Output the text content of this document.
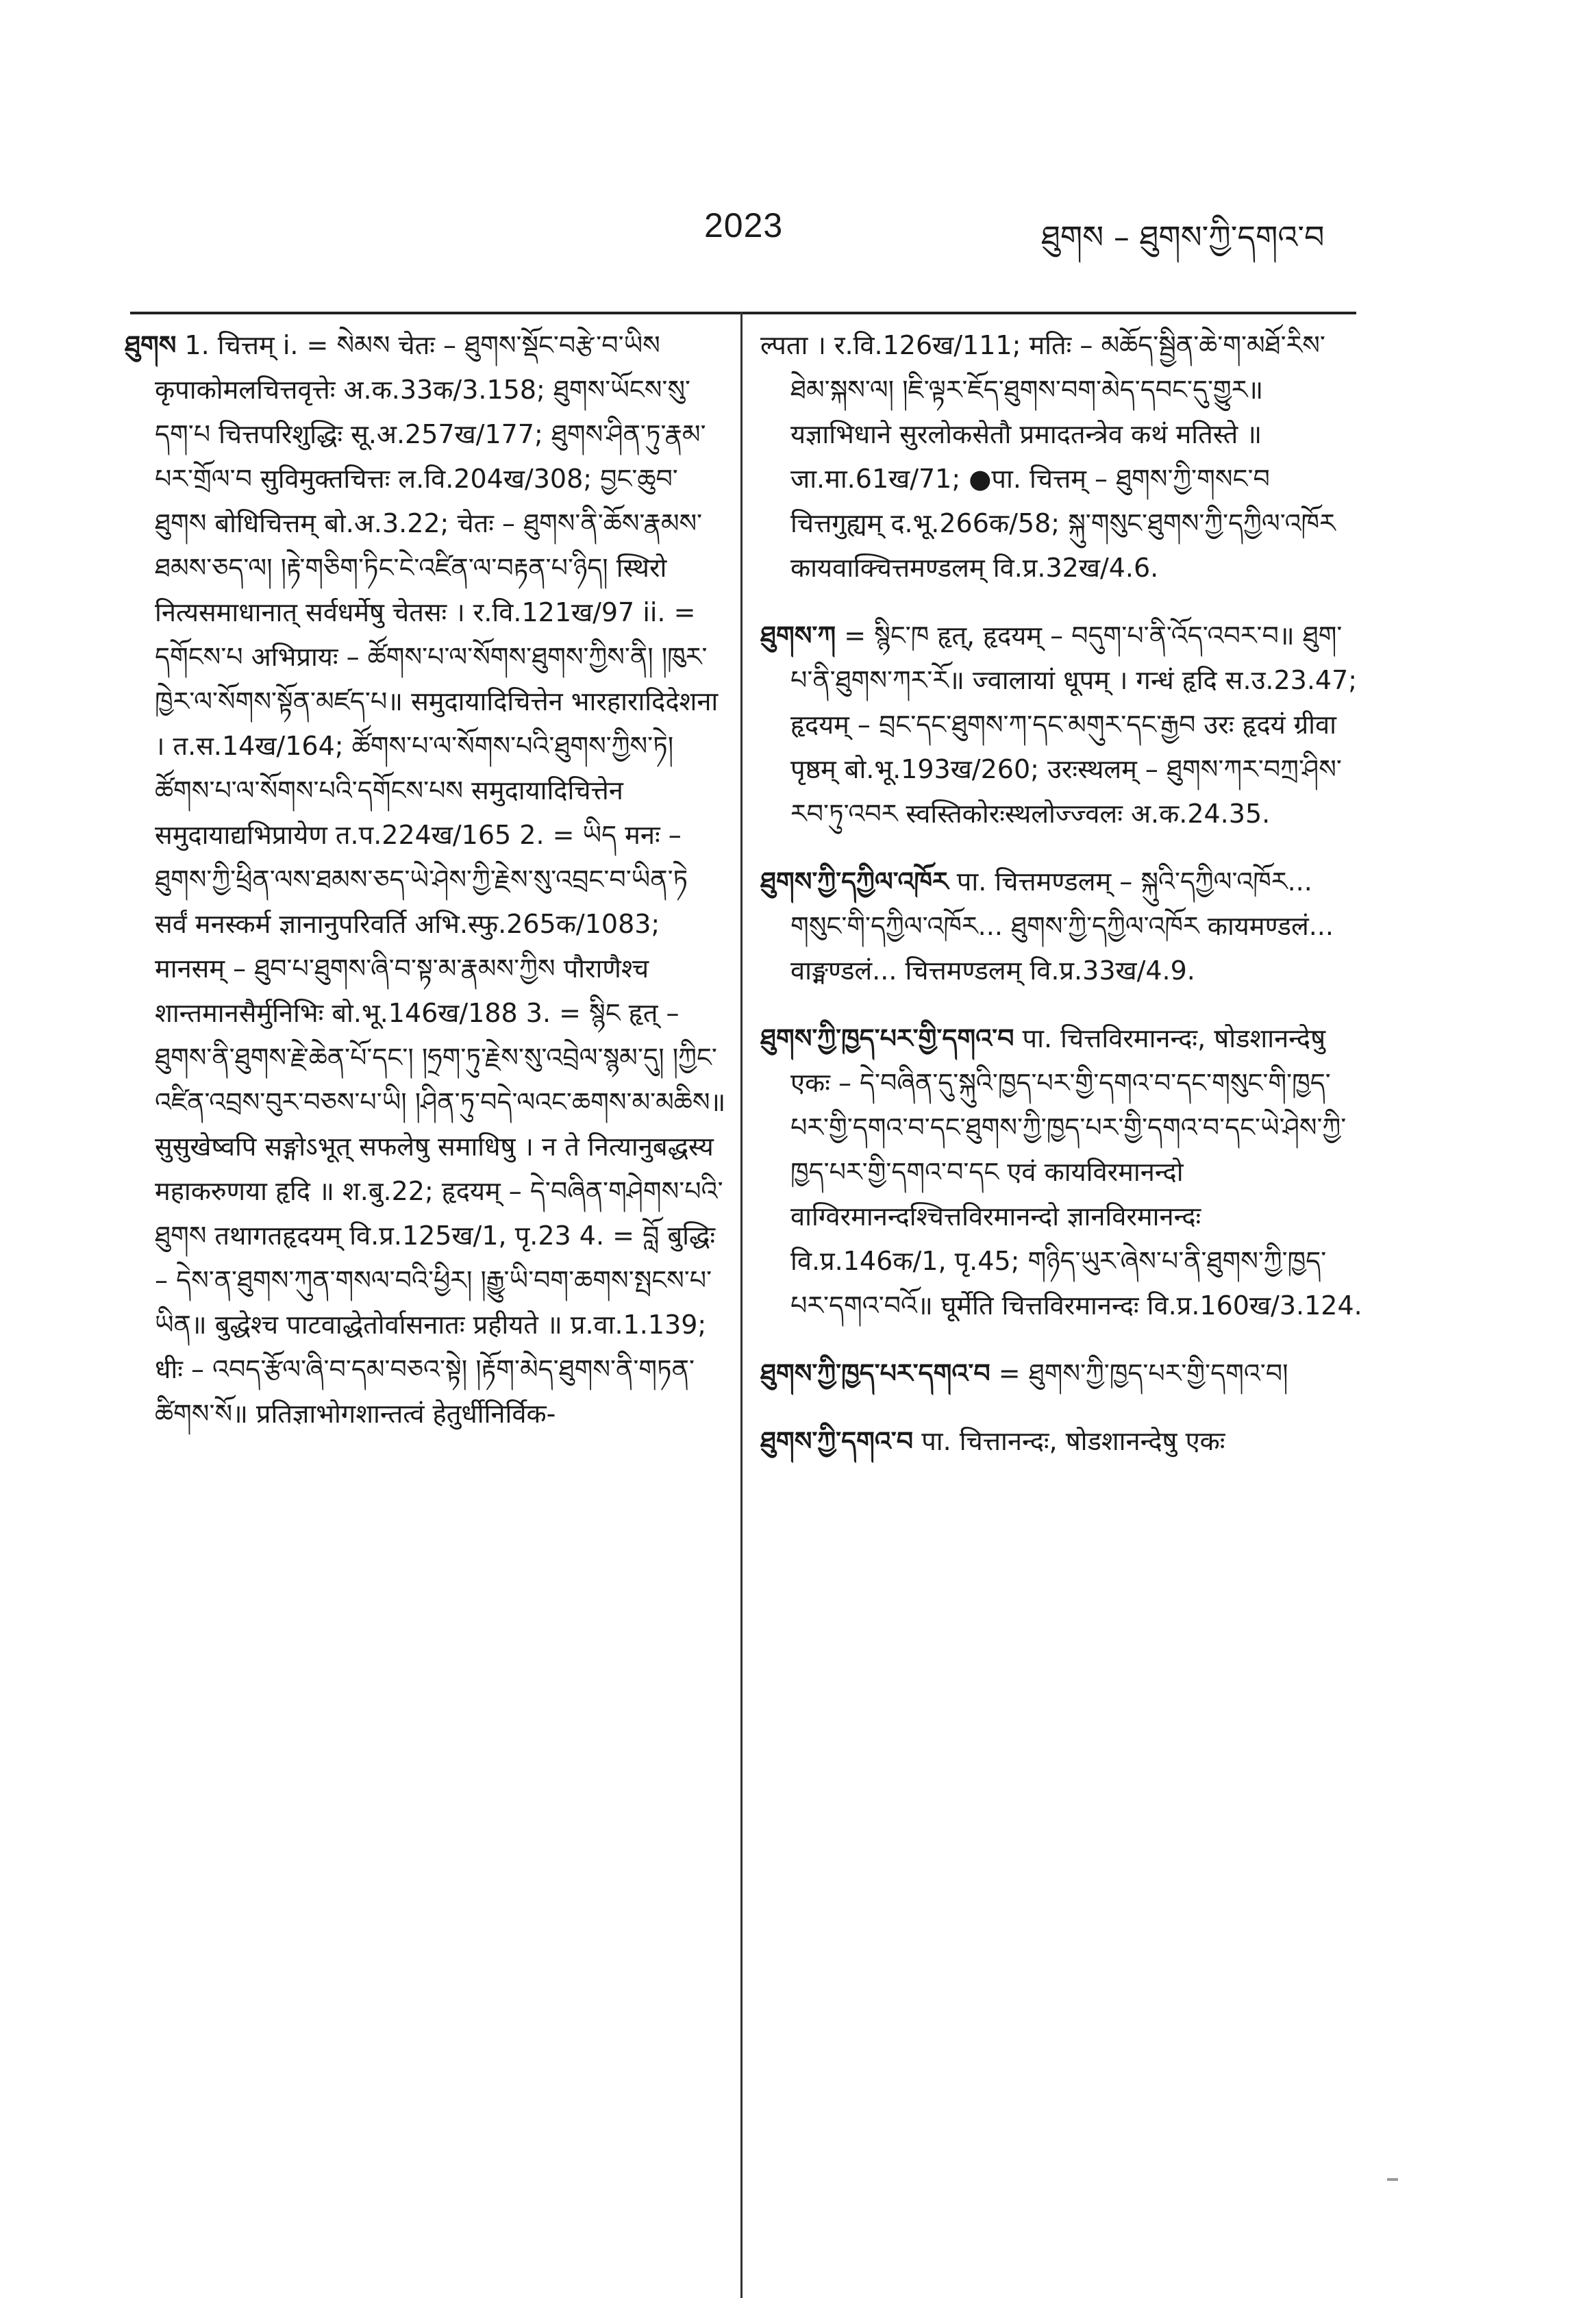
2023	ཐུགས – ཐུགས་ཀྱི་དགའ་བ

ཐུགས 1. चित्तम् i. = སེམས चेतः – ཐུགས་སྡོང་བརྩེ་བ་ཡིས कृपाकोमलचित्तवृत्तेः अ.क.33क/3.158; ཐུགས་ཡོངས་སུ་དག་པ चित्तपरिशुद्धिः सू.अ.257ख/177; ཐུགས་ཤིན་ཏུ་རྣམ་པར་གྲོལ་བ सुविमुक्तचित्तः ल.वि.204ख/308; བྱང་ཆུབ་ཐུགས बोधिचित्तम् बो.अ.3.22; चेतः – ཐུགས་ནི་ཆོས་རྣམས་ཐམས་ཅད་ལ། །རྟེ་གཅིག་ཏིང་ངེ་འཛིན་ལ་བརྟན་པ་ཉིད། स्थिरो नित्यसमाधानात् सर्वधर्मेषु चेतसः । र.वि.121ख/97 ii. = དགོངས་པ अभिप्रायः – ཚོགས་པ་ལ་སོགས་ཐུགས་ཀྱིས་ནི། །ཁུར་ཁྱེར་ལ་སོགས་སྟོན་མཛད་པ॥ समुदायादिचित्तेन भारहारादिदेशना । त.स.14ख/164; ཚོགས་པ་ལ་སོགས་པའི་ཐུགས་ཀྱིས་ཏེ། ཚོགས་པ་ལ་སོགས་པའི་དགོངས་པས समुदायादिचित्तेन समुदायाद्यभिप्रायेण त.प.224ख/165 2. = ཡིད मनः – ཐུགས་ཀྱི་ཕྲིན་ལས་ཐམས་ཅད་ཡེ་ཤེས་ཀྱི་རྗེས་སུ་འབྲང་བ་ཡིན་ཏེ सर्वं मनस्कर्म ज्ञानानुपरिवर्ति अभि.स्फु.265क/1083; मानसम् – ཐུབ་པ་ཐུགས་ཞི་བ་སྟ་མ་རྣམས་ཀྱིས पौराणैश्च शान्तमानसैर्मुनिभिः बो.भू.146ख/188 3. = སྙིང हृत् – ཐུགས་ནི་ཐུགས་རྗེ་ཆེན་པོ་དང་། །ཧྲག་ཏུ་རྗེས་སུ་འབྲེལ་སྙམ་དུ། །ཀྱིང་འཛིན་འབྲས་བུར་བཅས་པ་ཡི། །ཤིན་ཏུ་བདེ་ལའང་ཆགས་མ་མཆིས॥ सुसुखेष्वपि सङ्गोऽभूत् सफलेषु समाधिषु । न ते नित्यानुबद्धस्य महाकरुणया हृदि ॥ श.बु.22; हृदयम् – དེ་བཞིན་གཤེགས་པའི་ཐུགས तथागतहृदयम् वि.प्र.125ख/1, पृ.23 4. = བློ बुद्धिः – དེས་ན་ཐུགས་ཀུན་གསལ་བའི་ཕྱིར། །རྒྱུ་ཡི་བག་ཆགས་སྤངས་པ་ཡིན॥ बुद्धेश्च पाटवाद्धेतोर्वासनातः प्रहीयते ॥ प्र.वा.1.139; धीः – འབད་རྩོལ་ཞི་བ་དམ་བཅའ་སྟེ། །རྟོག་མེད་ཐུགས་ནི་གཏན་ཚིགས་སོ॥ प्रतिज्ञाभोगशान्तत्वं हेतुर्धीनिर्विक-

ल्पता । र.वि.126ख/111; मतिः – མཆོད་སྦྱིན་ཆེ་ག་མཐོ་རིས་ཐེམ་སྐས་ལ། །ཇི་ལྟར་ཇོད་ཐུགས་བག་མེད་དབང་དུ་གྱུར॥ यज्ञाभिधाने सुरलोकसेतौ प्रमादतन्त्रेव कथं मतिस्ते ॥ जा.मा.61ख/71; ●पा. चित्तम् – ཐུགས་ཀྱི་གསང་བ चित्तगुह्यम् द.भू.266क/58; སྐུ་གསུང་ཐུགས་ཀྱི་དཀྱིལ་འཁོར कायवाक्चित्तमण्डलम् वि.प्र.32ख/4.6.

ཐུགས་ཀ = སྙིང་ཁ हृत्, हृदयम् – བདུག་པ་ནི་འོད་འབར་བ॥ ཐུག་པ་ནི་ཐུགས་ཀར་རོ॥ ज्वालायां धूपम् । गन्धं हृदि स.उ.23.47; हृदयम् – བྲང་དང་ཐུགས་ཀ་དང་མགུར་དང་རྒྱབ उरः हृदयं ग्रीवा पृष्ठम् बो.भू.193ख/260; उरःस्थलम् – ཐུགས་ཀར་བཀྲ་ཤིས་རབ་ཏུ་འབར स्वस्तिकोरःस्थलोज्ज्वलः अ.क.24.35.

ཐུགས་ཀྱི་དཀྱིལ་འཁོར पा. चित्तमण्डलम् – སྐུའི་དཀྱིལ་འཁོར... གསུང་གི་དཀྱིལ་འཁོར... ཐུགས་ཀྱི་དཀྱིལ་འཁོར कायमण्डलं... वाङ्मण्डलं... चित्तमण्डलम् वि.प्र.33ख/4.9.

ཐུགས་ཀྱི་ཁྱད་པར་གྱི་དགའ་བ पा. चित्तविरमानन्दः, षोडशानन्देषु एकः – དེ་བཞིན་དུ་སྐུའི་ཁྱད་པར་གྱི་དགའ་བ་དང་གསུང་གི་ཁྱད་པར་གྱི་དགའ་བ་དང་ཐུགས་ཀྱི་ཁྱད་པར་གྱི་དགའ་བ་དང་ཡེ་ཤེས་ཀྱི་ཁྱད་པར་གྱི་དགའ་བ་དང एवं कायविरमानन्दो वाग्विरमानन्दश्चित्तविरमानन्दो ज्ञानविरमानन्दः वि.प्र.146क/1, पृ.45; གཉིད་ཡུར་ཞེས་པ་ནི་ཐུགས་ཀྱི་ཁྱད་པར་དགའ་བའོ॥ घूर्मेति चित्तविरमानन्दः वि.प्र.160ख/3.124.

ཐུགས་ཀྱི་ཁྱད་པར་དགའ་བ = ཐུགས་ཀྱི་ཁྱད་པར་གྱི་དགའ་བ།

ཐུགས་ཀྱི་དགའ་བ पा. चित्तानन्दः, षोडशानन्देषु एकः
